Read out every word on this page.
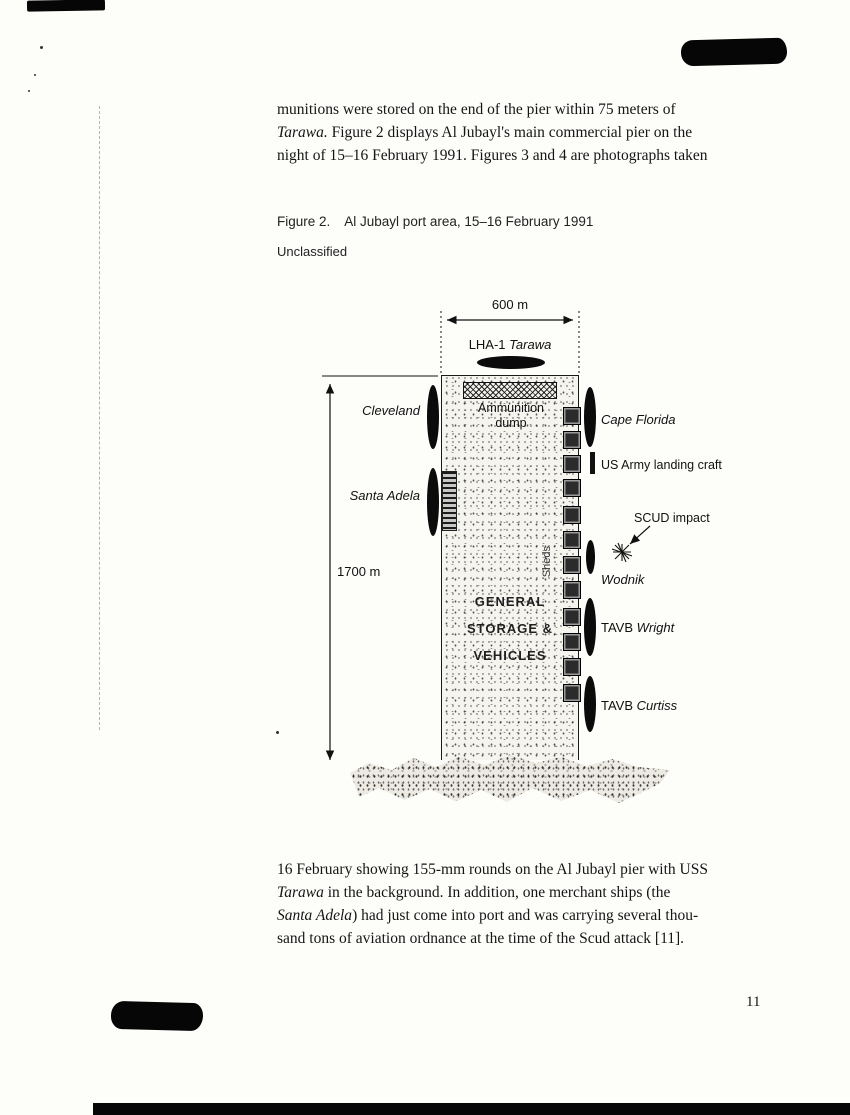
munitions were stored on the end of the pier within 75 meters of
Tarawa. Figure 2 displays Al Jubayl's main commercial pier on the
night of 15–16 February 1991. Figures 3 and 4 are photographs taken
Figure 2. Al Jubayl port area, 15–16 February 1991
Unclassified
600 m
LHA-1 Tarawa
Ammunition
dump
Cleveland
Cape Florida
US Army landing craft
Santa Adela
SCUD impact
Wodnik
1700 m	Sheds
GENERAL
STORAGE &
VEHICLES
TAVB Wright
TAVB Curtiss
16 February showing 155-mm rounds on the Al Jubayl pier with USS
Tarawa in the background. In addition, one merchant ships (the
Santa Adela) had just come into port and was carrying several thou-
sand tons of aviation ordnance at the time of the Scud attack [11].
11
